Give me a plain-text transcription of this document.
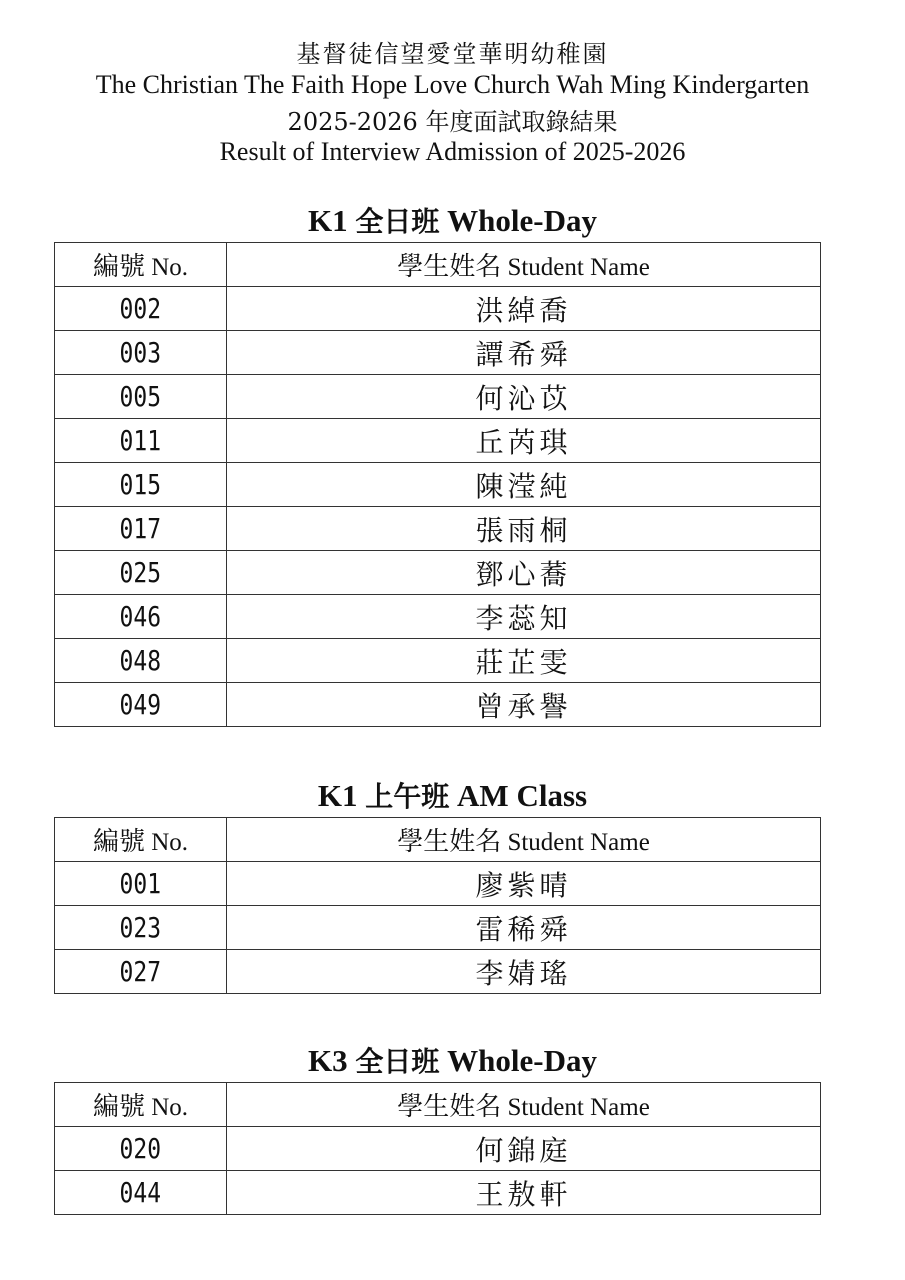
基督徒信望愛堂華明幼稚園
The Christian The Faith Hope Love Church Wah Ming Kindergarten
2025-2026 年度面試取錄結果
Result of Interview Admission of 2025-2026
K1 全日班 Whole-Day
編號 No.	學生姓名 Student Name
002	洪綽喬
003	譚希舜
005	何沁苡
011	丘芮琪
015	陳滢純
017	張雨桐
025	鄧心蕎
046	李蕊知
048	莊芷雯
049	曾承譽
K1 上午班 AM Class
編號 No.	學生姓名 Student Name
001	廖紫晴
023	雷稀舜
027	李婧瑤
K3 全日班 Whole-Day
編號 No.	學生姓名 Student Name
020	何錦庭
044	王敖軒
